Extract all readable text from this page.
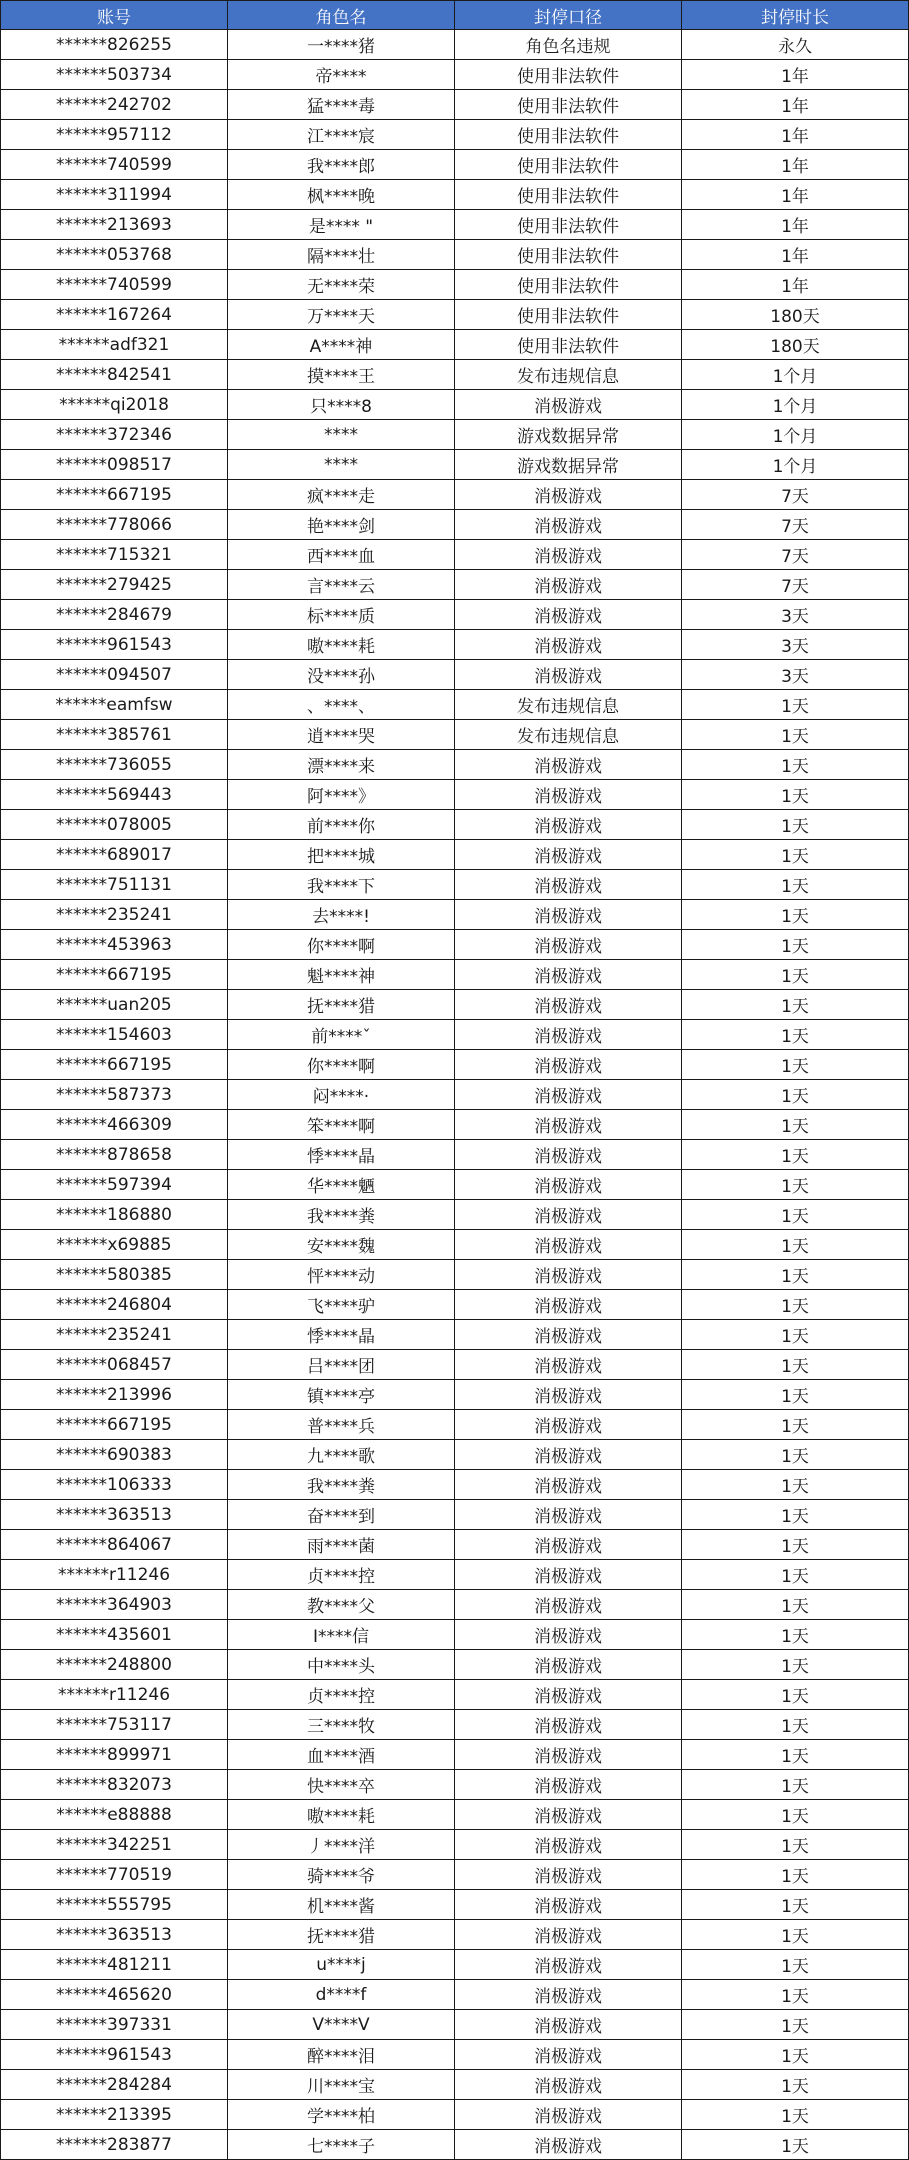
账号	角色名	封停口径	封停时长
******826255	一****猪	角色名违规	永久
******503734	帝****	使用非法软件	1年
******242702	猛****毒	使用非法软件	1年
******957112	江****宸	使用非法软件	1年
******740599	我****郎	使用非法软件	1年
******311994	枫****晚	使用非法软件	1年
******213693	是**** "	使用非法软件	1年
******053768	隔****壮	使用非法软件	1年
******740599	无****荣	使用非法软件	1年
******167264	万****天	使用非法软件	180天
******adf321	A****神	使用非法软件	180天
******842541	摸****王	发布违规信息	1个月
******qi2018	只****8	消极游戏	1个月
******372346	****	游戏数据异常	1个月
******098517	****	游戏数据异常	1个月
******667195	疯****走	消极游戏	7天
******778066	艳****剑	消极游戏	7天
******715321	西****血	消极游戏	7天
******279425	言****云	消极游戏	7天
******284679	标****质	消极游戏	3天
******961543	嗷****耗	消极游戏	3天
******094507	没****孙	消极游戏	3天
******eamfsw	、****、	发布违规信息	1天
******385761	逍****哭	发布违规信息	1天
******736055	漂****来	消极游戏	1天
******569443	阿****》	消极游戏	1天
******078005	前****你	消极游戏	1天
******689017	把****城	消极游戏	1天
******751131	我****下	消极游戏	1天
******235241	去****!	消极游戏	1天
******453963	你****啊	消极游戏	1天
******667195	魁****神	消极游戏	1天
******uan205	抚****猎	消极游戏	1天
******154603	前****ˇ	消极游戏	1天
******667195	你****啊	消极游戏	1天
******587373	闷****·	消极游戏	1天
******466309	笨****啊	消极游戏	1天
******878658	悸****晶	消极游戏	1天
******597394	华****魉	消极游戏	1天
******186880	我****粪	消极游戏	1天
******x69885	安****魏	消极游戏	1天
******580385	怦****动	消极游戏	1天
******246804	飞****驴	消极游戏	1天
******235241	悸****晶	消极游戏	1天
******068457	吕****团	消极游戏	1天
******213996	镇****亭	消极游戏	1天
******667195	普****兵	消极游戏	1天
******690383	九****歌	消极游戏	1天
******106333	我****粪	消极游戏	1天
******363513	奋****到	消极游戏	1天
******864067	雨****菌	消极游戏	1天
******r11246	贞****控	消极游戏	1天
******364903	教****父	消极游戏	1天
******435601	I****信	消极游戏	1天
******248800	中****头	消极游戏	1天
******r11246	贞****控	消极游戏	1天
******753117	三****牧	消极游戏	1天
******899971	血****酒	消极游戏	1天
******832073	快****卒	消极游戏	1天
******e88888	嗷****耗	消极游戏	1天
******342251	丿****洋	消极游戏	1天
******770519	骑****爷	消极游戏	1天
******555795	机****酱	消极游戏	1天
******363513	抚****猎	消极游戏	1天
******481211	u****j	消极游戏	1天
******465620	d****f	消极游戏	1天
******397331	V****V	消极游戏	1天
******961543	醉****泪	消极游戏	1天
******284284	川****宝	消极游戏	1天
******213395	学****柏	消极游戏	1天
******283877	七****子	消极游戏	1天
